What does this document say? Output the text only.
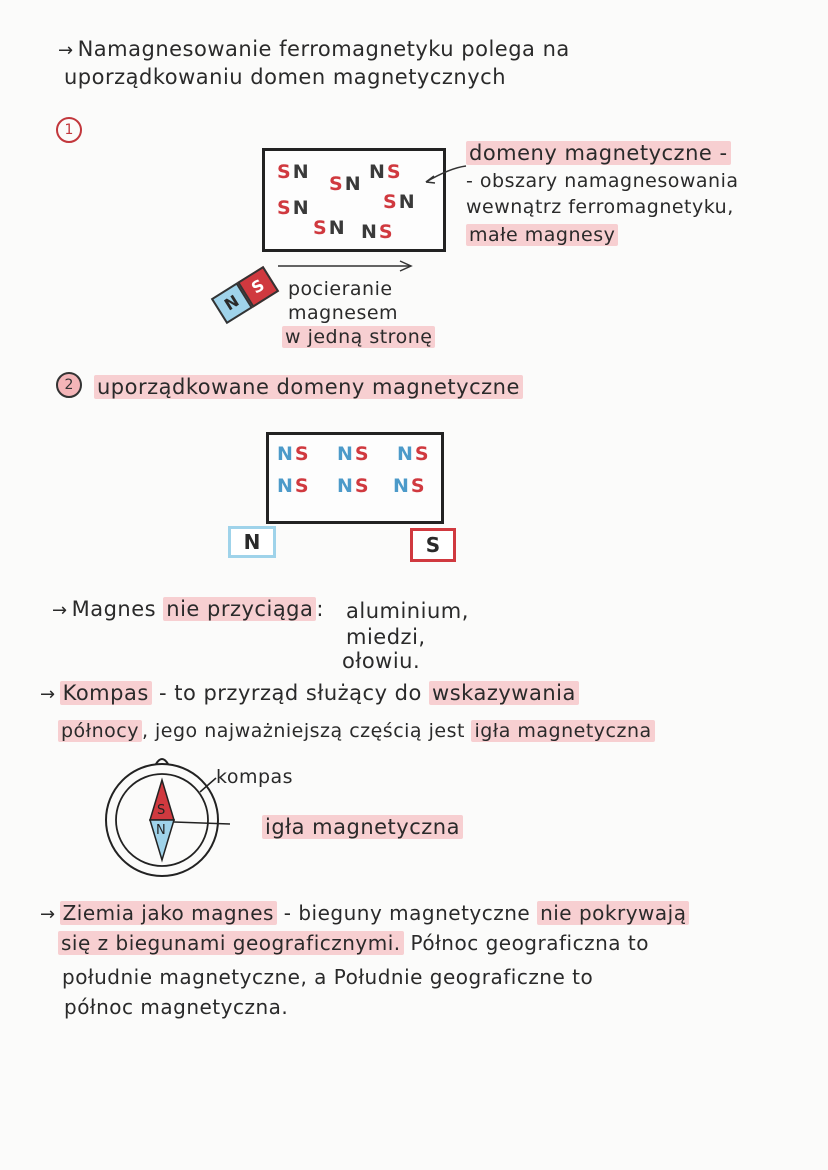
→ Namagnesowanie ferromagnetyku polega na
uporządkowaniu domen magnetycznych
1
SN
SN
NS
SN	SN
SN NS
domeny magnetyczne -
- obszary namagnesowania
wewnątrz ferromagnetyku,
małe magnesy
N
S	pocieranie
magnesem
w jedną stronę
2	uporządkowane domeny magnetyczne
NS NS NS
NS NS NS
N	S
→ Magnes nie przyciąga : aluminium,
miedzi,
ołowiu.
→ Kompas - to przyrząd służący do wskazywania
północy , jego najważniejszą częścią jest igła magnetyczna
S
N
kompas
igła magnetyczna
→ Ziemia jako magnes - bieguny magnetyczne nie pokrywają
się z biegunami geograficznymi. Północ geograficzna to
południe magnetyczne, a Południe geograficzne to
północ magnetyczna.
